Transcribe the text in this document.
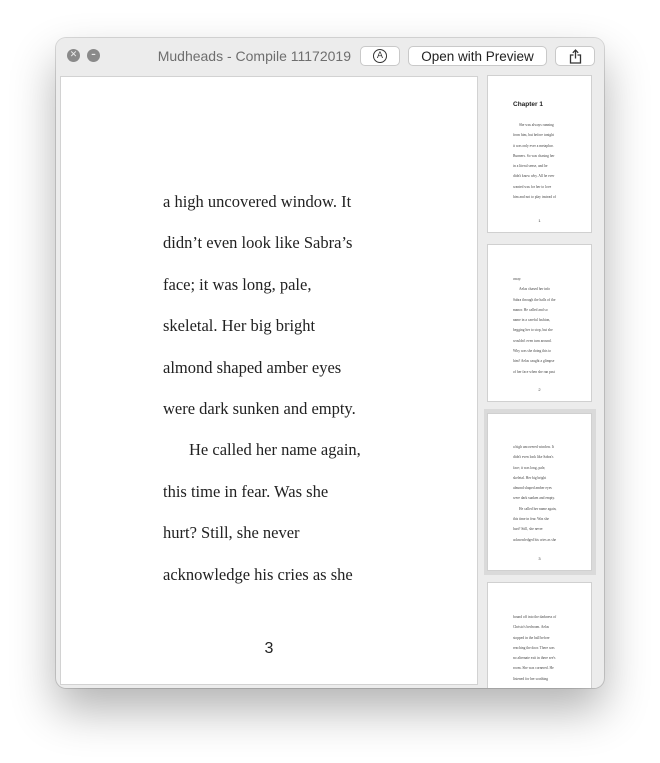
✕	–	Mudheads - Compile 11172019	A	Open with Preview
a high uncovered window. It
didn’t even look like Sabra’s
face; it was long, pale,
skeletal. Her big bright
almond shaped amber eyes
were dark sunken and empty.
He called her name again,
this time in fear. Was she
hurt? Still, she never
acknowledge his cries as she
3
Chapter 1
She was always running
from him, but before tonight
it was only ever a metaphor.
Bunners. So was chasing her
in a literal sense, and he
didn't know why. All he ever
wanted was for her to love
him and not to play instead of
1
away.
Aelas chased her info
Sabra through the halls of the
manor. He called and so
name in a careful fashion,
begging her to stop, but she
wouldn't even turn around.
Why was she doing this to
him? Aelas caught a glimpse
of her face when she ran past
2
a high uncovered window. It
didn't even look like Sabra's
face; it was long, pale,
skeletal. Her big bright
almond shaped amber eyes
were dark sunken and empty.
He called her name again,
this time in fear. Was she
hurt? Still, she never
acknowledged his cries as she
3
bound off into the darkness of
Christo's bedroom. Aelas
stopped in the hall before
reaching the door. There was
no alternate exit in there see's
room. She was cornered. He
listened for her soothing
